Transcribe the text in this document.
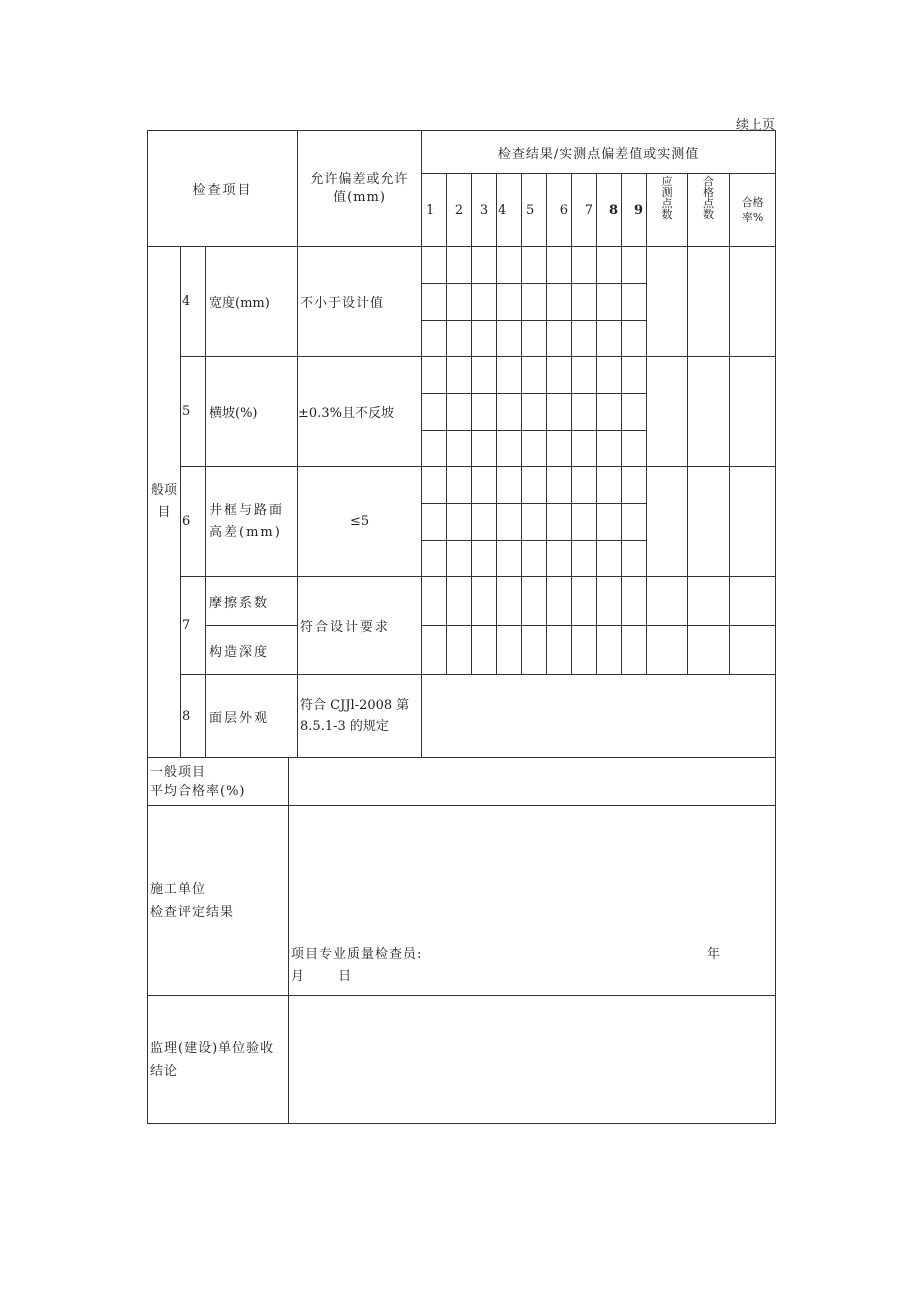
续上页
检查项目			允许偏差或允许值(mm)	检查结果/实测点偏差值或实测值											
				1	2	3	4	5	6	7	8	9	应测点数	合格点数	合格率%
般项目	4	宽度(mm)	不小于设计值												

	5	横坡(%)	±0.3%且不反坡												

	6	井框与路面高差(mm)	≤5												

	7	摩擦系数	符合设计要求												
		构造深度													
	8	面层外观	符合 CJJl-2008 第 8.5.1-3 的规定												
一般项目
平均合格率(%)	
施工单位
检查评定结果	项目专业质量检查员: 年
月　　 日

监理(建设)单位验收结论	
